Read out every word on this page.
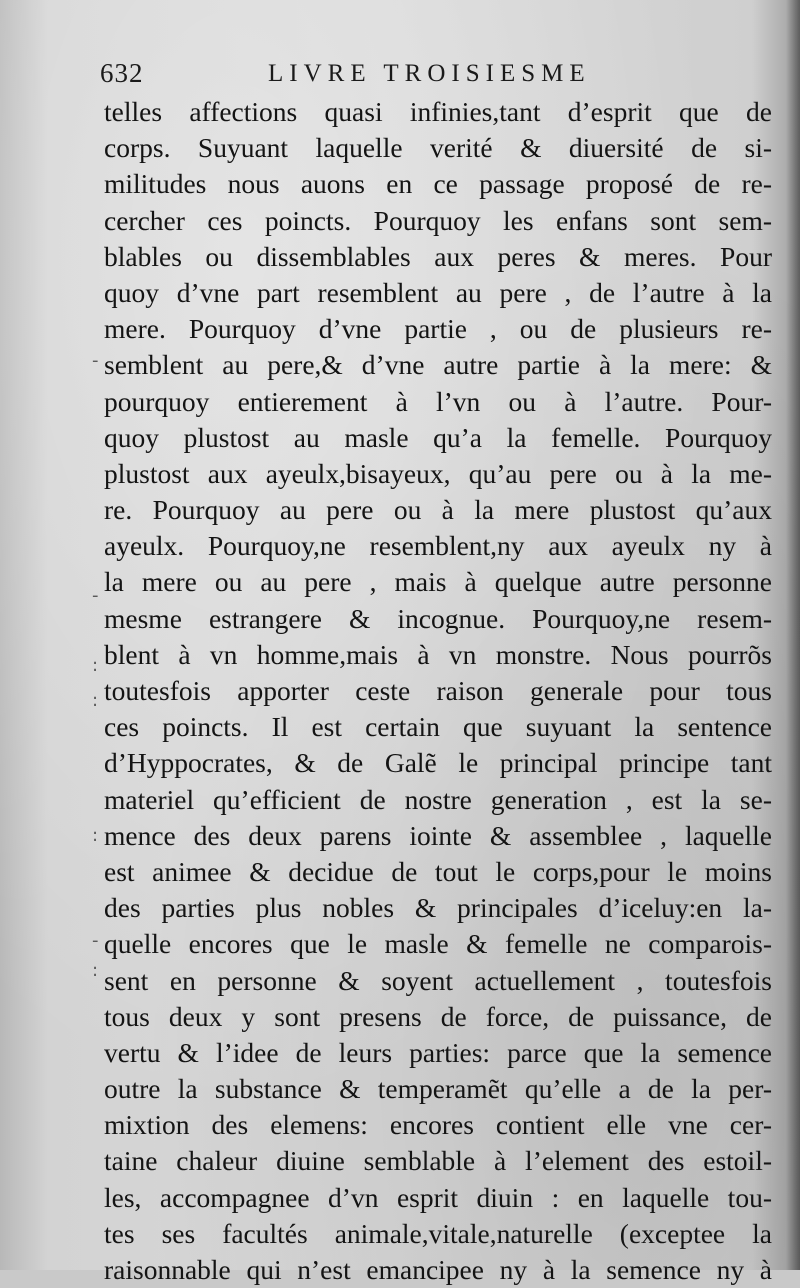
632	LIVRE TROISIESME
-
-
:
:
:
-
:
telles affections quasi infinies,tant d’esprit que de
corps. Suyuant laquelle verité & diuersité de si-
militudes nous auons en ce passage proposé de re-
cercher ces poincts. Pourquoy les enfans sont sem-
blables ou dissemblables aux peres & meres. Pour
quoy d’vne part resemblent au pere , de l’autre à la
mere. Pourquoy d’vne partie , ou de plusieurs re-
semblent au pere,& d’vne autre partie à la mere: &
pourquoy entierement à l’vn ou à l’autre. Pour-
quoy plustost au masle qu’a la femelle. Pourquoy
plustost aux ayeulx,bisayeux, qu’au pere ou à la me-
re. Pourquoy au pere ou à la mere plustost qu’aux
ayeulx. Pourquoy,ne resemblent,ny aux ayeulx ny à
la mere ou au pere , mais à quelque autre personne
mesme estrangere & incognue. Pourquoy,ne resem-
blent à vn homme,mais à vn monstre. Nous pourrõs
toutesfois apporter ceste raison generale pour tous
ces poincts. Il est certain que suyuant la sentence
d’Hyppocrates, & de Galẽ le principal principe tant
materiel qu’efficient de nostre generation , est la se-
mence des deux parens iointe & assemblee , laquelle
est animee & decidue de tout le corps,pour le moins
des parties plus nobles & principales d’iceluy:en la-
quelle encores que le masle & femelle ne comparois-
sent en personne & soyent actuellement , toutesfois
tous deux y sont presens de force, de puissance, de
vertu & l’idee de leurs parties: parce que la semence
outre la substance & temperamẽt qu’elle a de la per-
mixtion des elemens: encores contient elle vne cer-
taine chaleur diuine semblable à l’element des estoil-
les, accompagnee d’vn esprit diuin : en laquelle tou-
tes ses facultés animale,vitale,naturelle (exceptee la
raisonnable qui n’est emancipee ny à la semence ny à
